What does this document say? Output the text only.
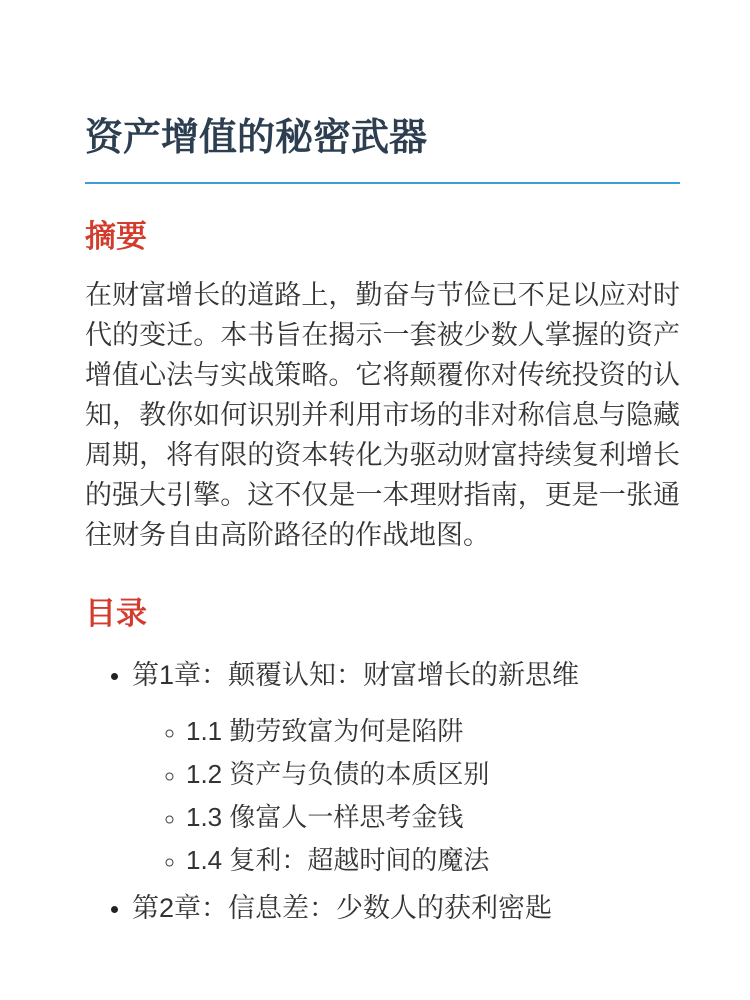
资产增值的秘密武器
摘要

在财富增长的道路上，勤奋与节俭已不足以应对时代的变迁。本书旨在揭示一套被少数人掌握的资产增值心法与实战策略。它将颠覆你对传统投资的认知，教你如何识别并利用市场的非对称信息与隐藏周期，将有限的资本转化为驱动财富持续复利增长的强大引擎。这不仅是一本理财指南，更是一张通往财务自由高阶路径的作战地图。

目录
• 第1章：颠覆认知：财富增长的新思维
◦ 1.1 勤劳致富为何是陷阱
◦ 1.2 资产与负债的本质区别
◦ 1.3 像富人一样思考金钱
◦ 1.4 复利：超越时间的魔法
• 第2章：信息差：少数人的获利密匙
